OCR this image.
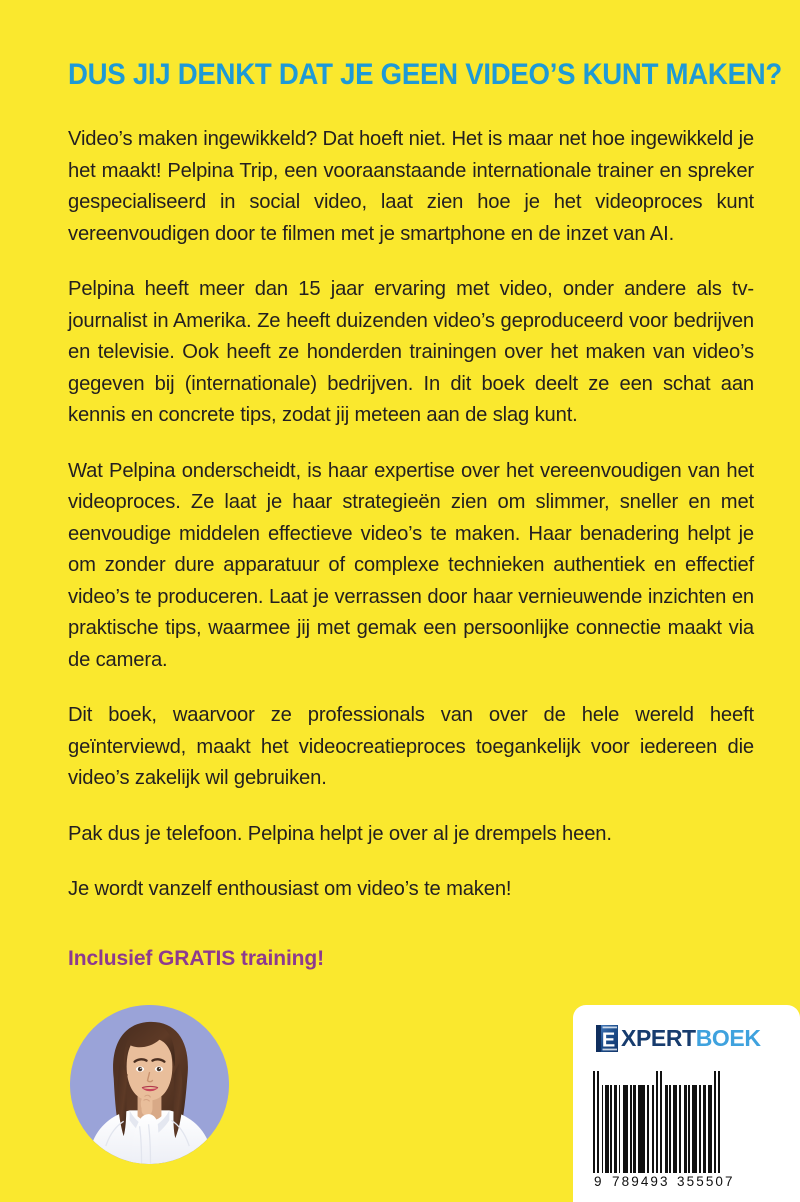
DUS JIJ DENKT DAT JE GEEN VIDEO’S KUNT MAKEN?

Video’s maken ingewikkeld? Dat hoeft niet. Het is maar net hoe ingewikkeld je het maakt! Pelpina Trip, een vooraanstaande internationale trainer en spreker gespecialiseerd in social video, laat zien hoe je het videoproces kunt vereenvoudigen door te filmen met je smartphone en de inzet van AI.

Pelpina heeft meer dan 15 jaar ervaring met video, onder andere als tv-journalist in Amerika. Ze heeft duizenden video’s geproduceerd voor bedrijven en televisie. Ook heeft ze honderden trainingen over het maken van video’s gegeven bij (internationale) bedrijven. In dit boek deelt ze een schat aan kennis en concrete tips, zodat jij meteen aan de slag kunt.

Wat Pelpina onderscheidt, is haar expertise over het vereenvoudigen van het videoproces. Ze laat je haar strategieën zien om slimmer, sneller en met eenvoudige middelen effectieve video’s te maken. Haar benadering helpt je om zonder dure apparatuur of complexe technieken authentiek en effectief video’s te produceren. Laat je verrassen door haar vernieuwende inzichten en praktische tips, waarmee jij met gemak een persoonlijke connectie maakt via de camera.

Dit boek, waarvoor ze professionals van over de hele wereld heeft geïnterviewd, maakt het videocreatieproces toegankelijk voor iedereen die video’s zakelijk wil gebruiken.

Pak dus je telefoon. Pelpina helpt je over al je drempels heen.

Je wordt vanzelf enthousiast om video’s te maken!

Inclusief GRATIS training!
E XPERTBOEK
9 789493 355507
